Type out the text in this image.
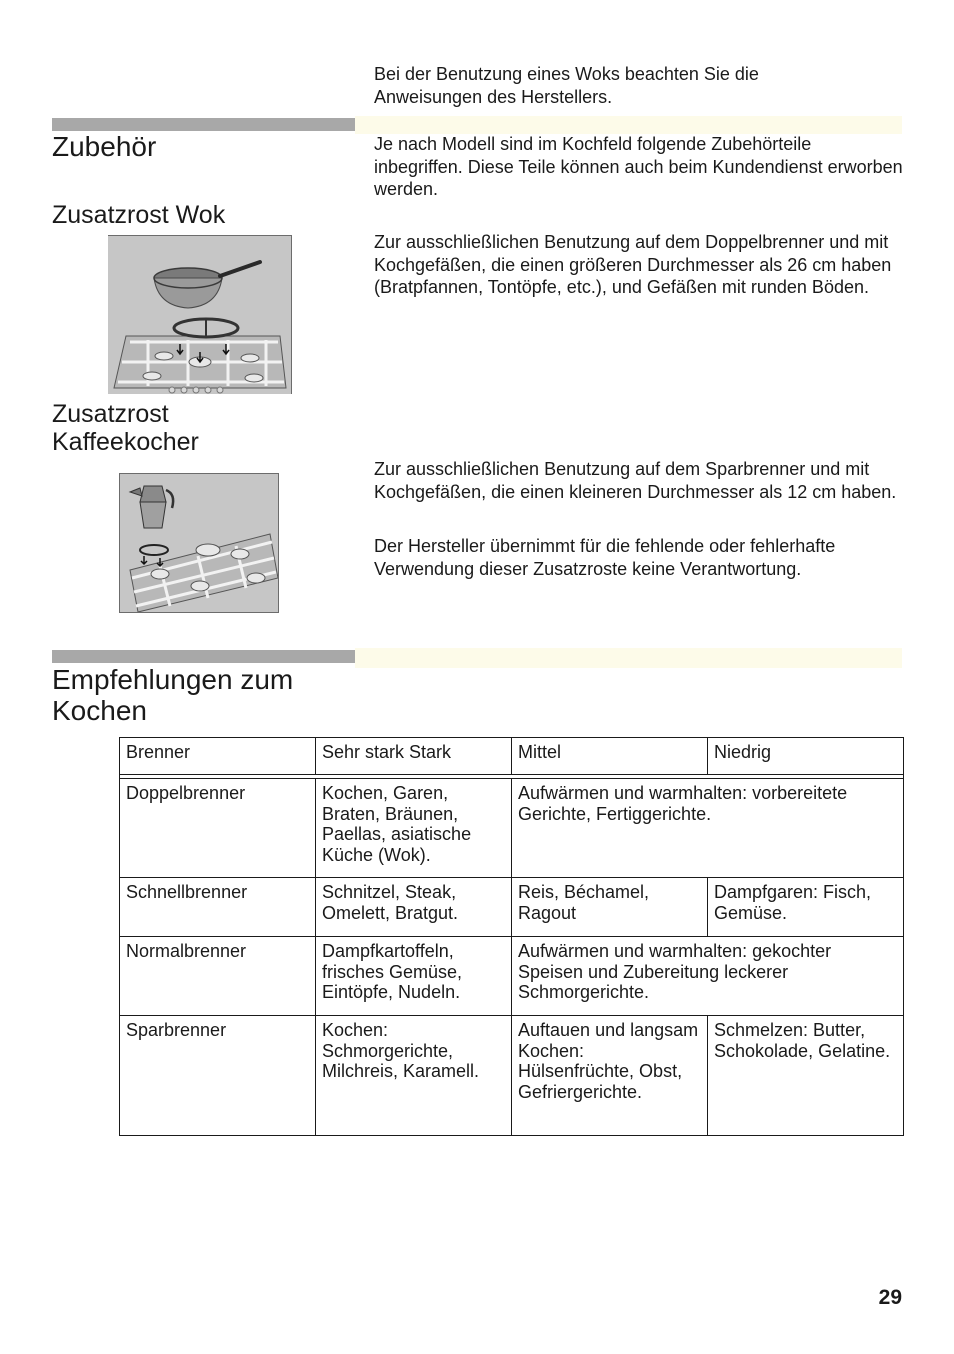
Bei der Benutzung eines Woks beachten Sie die Anweisungen des Herstellers.
Zubehör	Je nach Modell sind im Kochfeld folgende Zubehörteile inbegriffen. Diese Teile können auch beim Kundendienst erworben werden.
Zusatzrost Wok
Zur ausschließlichen Benutzung auf dem Doppelbrenner und mit Kochgefäßen, die einen größeren Durchmesser als 26 cm haben (Bratpfannen, Tontöpfe, etc.), und Gefäßen mit runden Böden.
Zusatzrost Kaffeekocher
Zur ausschließlichen Benutzung auf dem Sparbrenner und mit Kochgefäßen, die einen kleineren Durchmesser als 12 cm haben.
Der Hersteller übernimmt für die fehlende oder fehlerhafte Verwendung dieser Zusatzroste keine Verantwortung.
Empfehlungen zum Kochen
Brenner	Sehr stark Stark	Mittel	Niedrig

Doppelbrenner	Kochen, Garen, Braten, Bräunen, Paellas, asiatische Küche (Wok).	Aufwärmen und warmhalten: vorbereitete Gerichte, Fertiggerichte.	
Schnellbrenner	Schnitzel, Steak, Omelett, Bratgut.	Reis, Béchamel, Ragout	Dampfgaren: Fisch, Gemüse.
Normalbrenner	Dampfkartoffeln, frisches Gemüse, Eintöpfe, Nudeln.	Aufwärmen und warmhalten: gekochter Speisen und Zubereitung leckerer Schmorgerichte.	
Sparbrenner	Kochen: Schmorgerichte, Milchreis, Karamell.	Auftauen und langsam Kochen: Hülsenfrüchte, Obst, Gefriergerichte.	Schmelzen: Butter, Schokolade, Gelatine.
29
